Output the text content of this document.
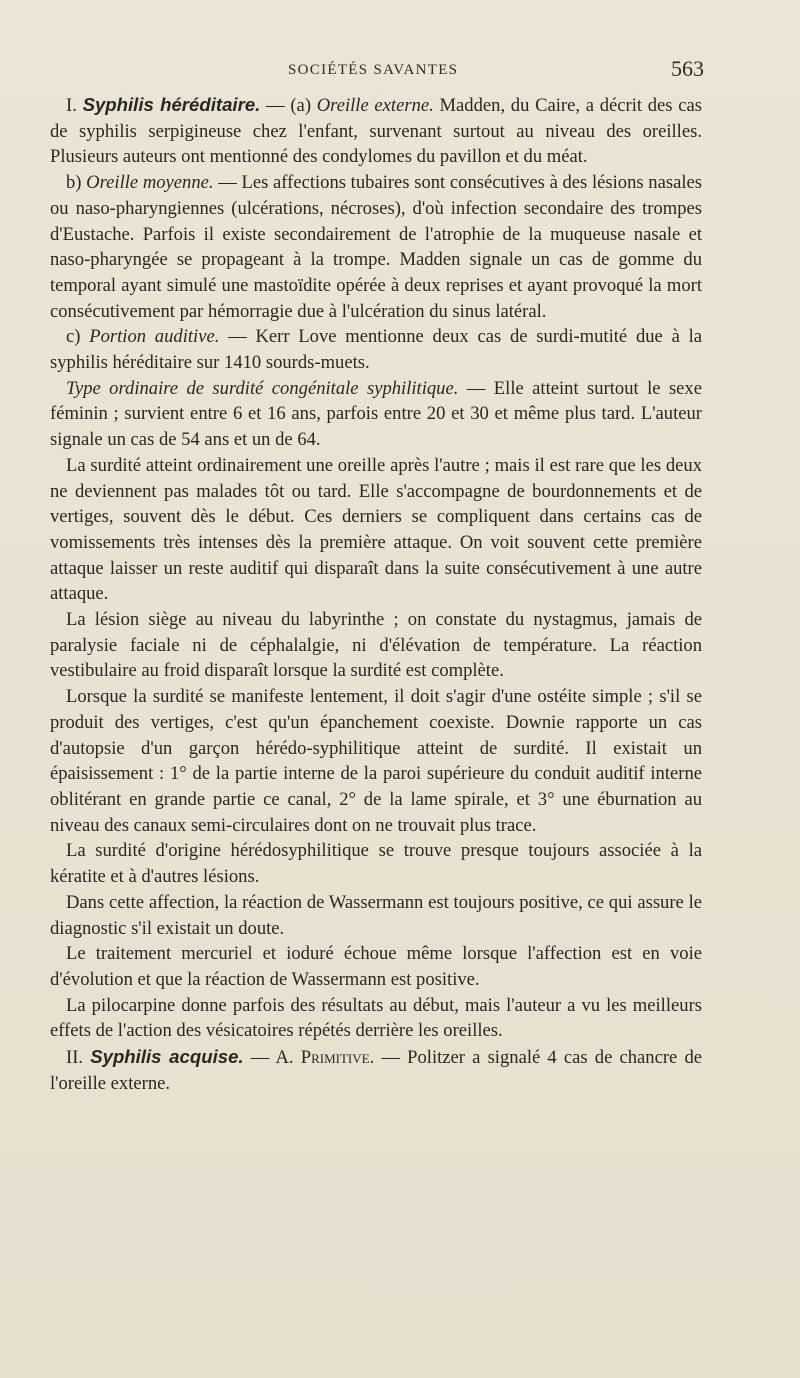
SOCIÉTÉS SAVANTES	563

I. Syphilis héréditaire. — (a) Oreille externe. Madden, du Caire, a décrit des cas de syphilis serpigineuse chez l'enfant, survenant surtout au niveau des oreilles. Plusieurs auteurs ont mentionné des condylomes du pavillon et du méat.

b) Oreille moyenne. — Les affections tubaires sont consécutives à des lésions nasales ou naso-pharyngiennes (ulcérations, nécroses), d'où infection secondaire des trompes d'Eustache. Parfois il existe secondairement de l'atrophie de la muqueuse nasale et naso-pharyngée se propageant à la trompe. Madden signale un cas de gomme du temporal ayant simulé une mastoïdite opérée à deux reprises et ayant provoqué la mort consécutivement par hémorragie due à l'ulcération du sinus latéral.

c) Portion auditive. — Kerr Love mentionne deux cas de surdi-mutité due à la syphilis héréditaire sur 1410 sourds-muets.

Type ordinaire de surdité congénitale syphilitique. — Elle atteint surtout le sexe féminin ; survient entre 6 et 16 ans, parfois entre 20 et 30 et même plus tard. L'auteur signale un cas de 54 ans et un de 64.

La surdité atteint ordinairement une oreille après l'autre ; mais il est rare que les deux ne deviennent pas malades tôt ou tard. Elle s'accompagne de bourdonnements et de vertiges, souvent dès le début. Ces derniers se compliquent dans certains cas de vomissements très intenses dès la première attaque. On voit souvent cette première attaque laisser un reste auditif qui disparaît dans la suite consécutivement à une autre attaque.

La lésion siège au niveau du labyrinthe ; on constate du nystagmus, jamais de paralysie faciale ni de céphalalgie, ni d'élévation de température. La réaction vestibulaire au froid disparaît lorsque la surdité est complète.

Lorsque la surdité se manifeste lentement, il doit s'agir d'une ostéite simple ; s'il se produit des vertiges, c'est qu'un épanchement coexiste. Downie rapporte un cas d'autopsie d'un garçon hérédo-syphilitique atteint de surdité. Il existait un épaisissement : 1° de la partie interne de la paroi supérieure du conduit auditif interne oblitérant en grande partie ce canal, 2° de la lame spirale, et 3° une éburnation au niveau des canaux semi-circulaires dont on ne trouvait plus trace.

La surdité d'origine hérédosyphilitique se trouve presque toujours associée à la kératite et à d'autres lésions.

Dans cette affection, la réaction de Wassermann est toujours positive, ce qui assure le diagnostic s'il existait un doute.

Le traitement mercuriel et ioduré échoue même lorsque l'affection est en voie d'évolution et que la réaction de Wassermann est positive.

La pilocarpine donne parfois des résultats au début, mais l'auteur a vu les meilleurs effets de l'action des vésicatoires répétés derrière les oreilles.

II. Syphilis acquise. — A. Primitive. — Politzer a signalé 4 cas de chancre de l'oreille externe.
